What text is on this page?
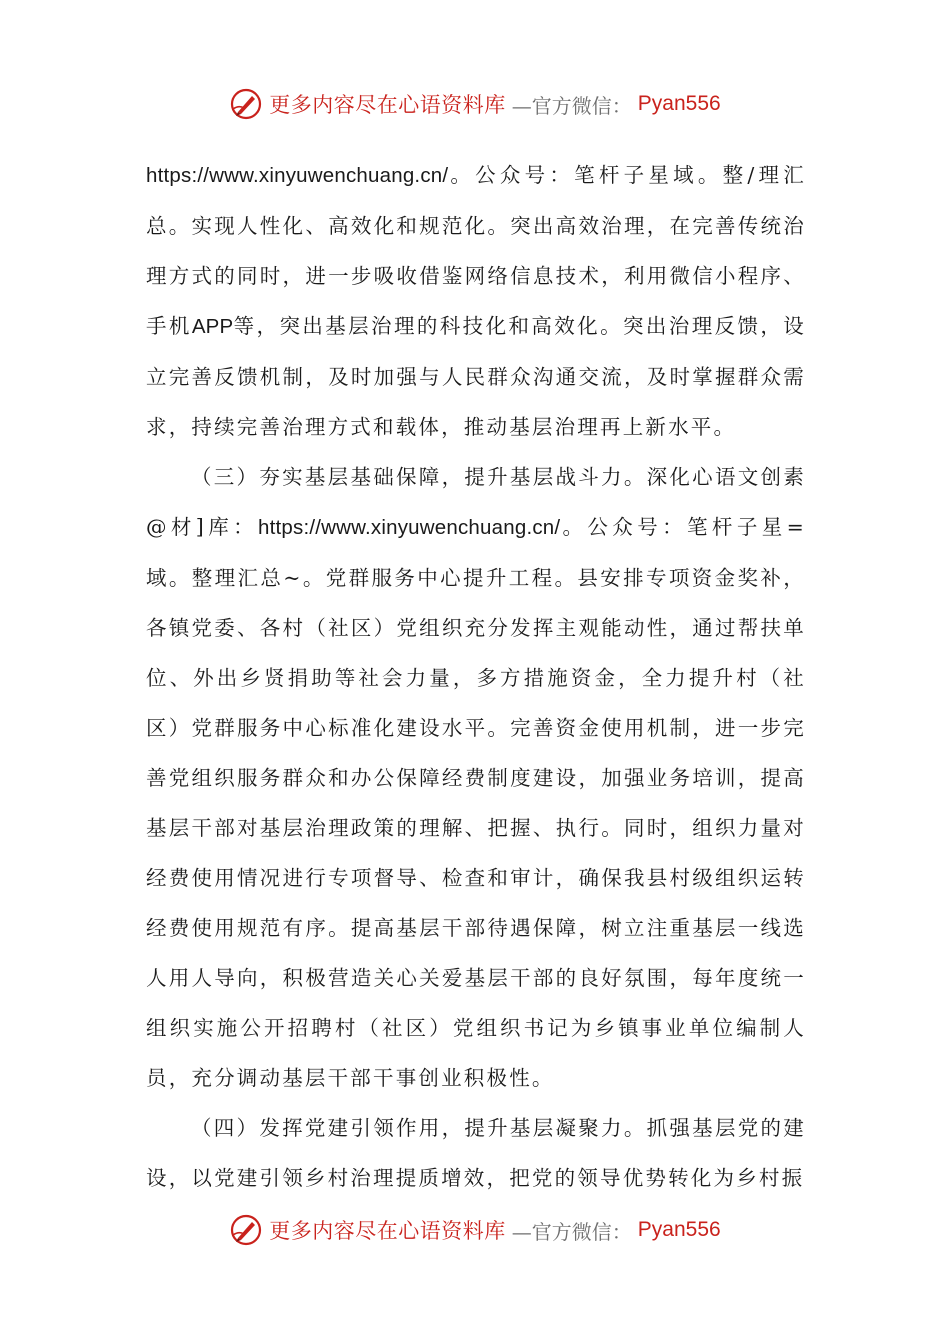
更多内容尽在心语资料库 —官方微信： Pyan556

https://www.xinyuwenchuang.cn/。公众号：笔杆子星域。整/理汇总。实现人性化、高效化和规范化。突出高效治理，在完善传统治理方式的同时，进一步吸收借鉴网络信息技术，利用微信小程序、手机APP等，突出基层治理的科技化和高效化。突出治理反馈，设立完善反馈机制，及时加强与人民群众沟通交流，及时掌握群众需求，持续完善治理方式和载体，推动基层治理再上新水平。

（三）夯实基层基础保障，提升基层战斗力。深化心语文创素@材]库：https://www.xinyuwenchuang.cn/。公众号：笔杆子星=域。整理汇总~。党群服务中心提升工程。县安排专项资金奖补，各镇党委、各村（社区）党组织充分发挥主观能动性，通过帮扶单位、外出乡贤捐助等社会力量，多方措施资金，全力提升村（社区）党群服务中心标准化建设水平。完善资金使用机制，进一步完善党组织服务群众和办公保障经费制度建设，加强业务培训，提高基层干部对基层治理政策的理解、把握、执行。同时，组织力量对经费使用情况进行专项督导、检查和审计，确保我县村级组织运转经费使用规范有序。提高基层干部待遇保障，树立注重基层一线选人用人导向，积极营造关心关爱基层干部的良好氛围，每年度统一组织实施公开招聘村（社区）党组织书记为乡镇事业单位编制人员，充分调动基层干部干事创业积极性。

（四）发挥党建引领作用，提升基层凝聚力。抓强基层党的建设，以党建引领乡村治理提质增效，把党的领导优势转化为乡村振

更多内容尽在心语资料库 —官方微信： Pyan556
